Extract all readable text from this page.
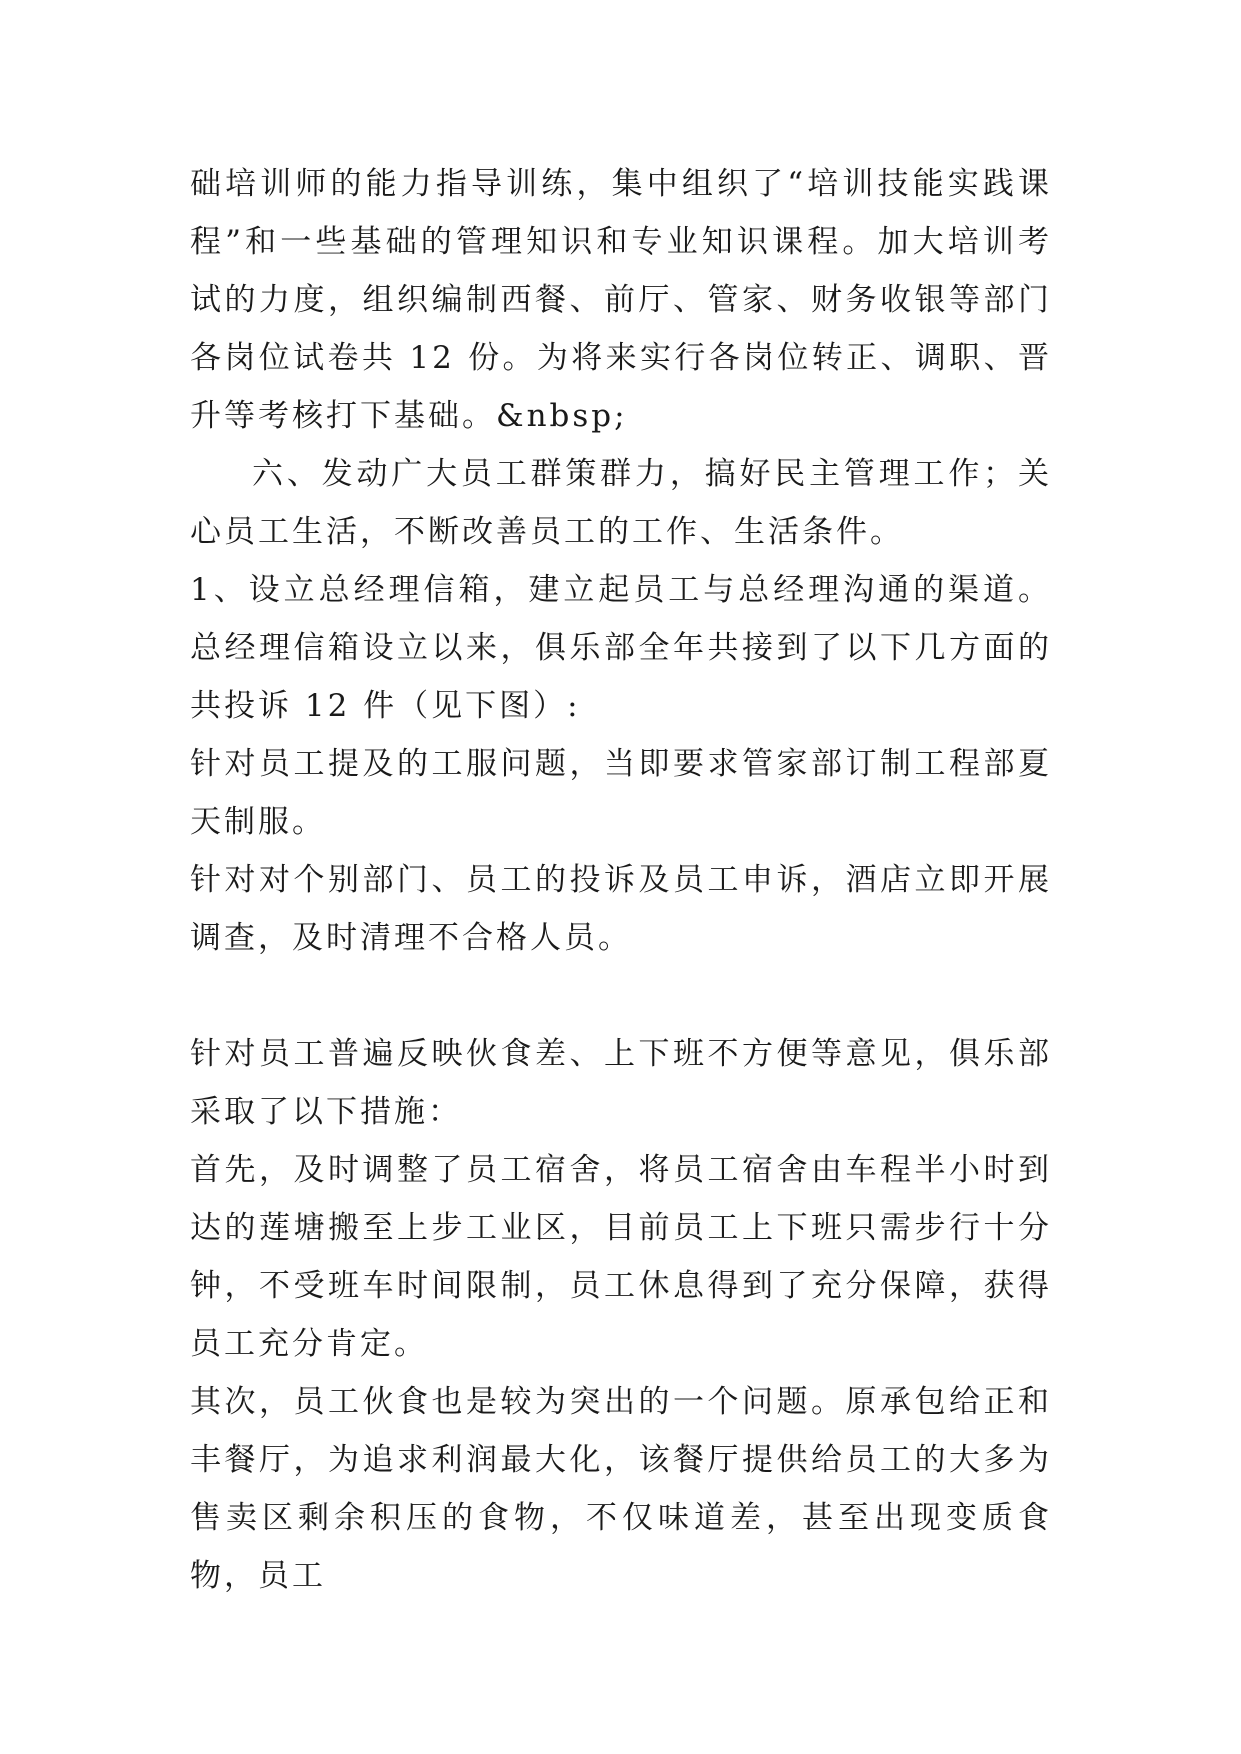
础培训师的能力指导训练，集中组织了“培训技能实践课程”和一些基础的管理知识和专业知识课程。加大培训考试的力度，组织编制西餐、前厅、管家、财务收银等部门各岗位试卷共 12 份。为将来实行各岗位转正、调职、晋升等考核打下基础。&nbsp;

六、发动广大员工群策群力，搞好民主管理工作；关心员工生活，不断改善员工的工作、生活条件。

1、设立总经理信箱，建立起员工与总经理沟通的渠道。总经理信箱设立以来，俱乐部全年共接到了以下几方面的共投诉 12 件（见下图）:

针对员工提及的工服问题，当即要求管家部订制工程部夏天制服。

针对对个别部门、员工的投诉及员工申诉，酒店立即开展调查，及时清理不合格人员。

针对员工普遍反映伙食差、上下班不方便等意见，俱乐部采取了以下措施：

首先，及时调整了员工宿舍，将员工宿舍由车程半小时到达的莲塘搬至上步工业区，目前员工上下班只需步行十分钟，不受班车时间限制，员工休息得到了充分保障，获得员工充分肯定。

其次，员工伙食也是较为突出的一个问题。原承包给正和丰餐厅，为追求利润最大化，该餐厅提供给员工的大多为售卖区剩余积压的食物，不仅味道差，甚至出现变质食物，员工
